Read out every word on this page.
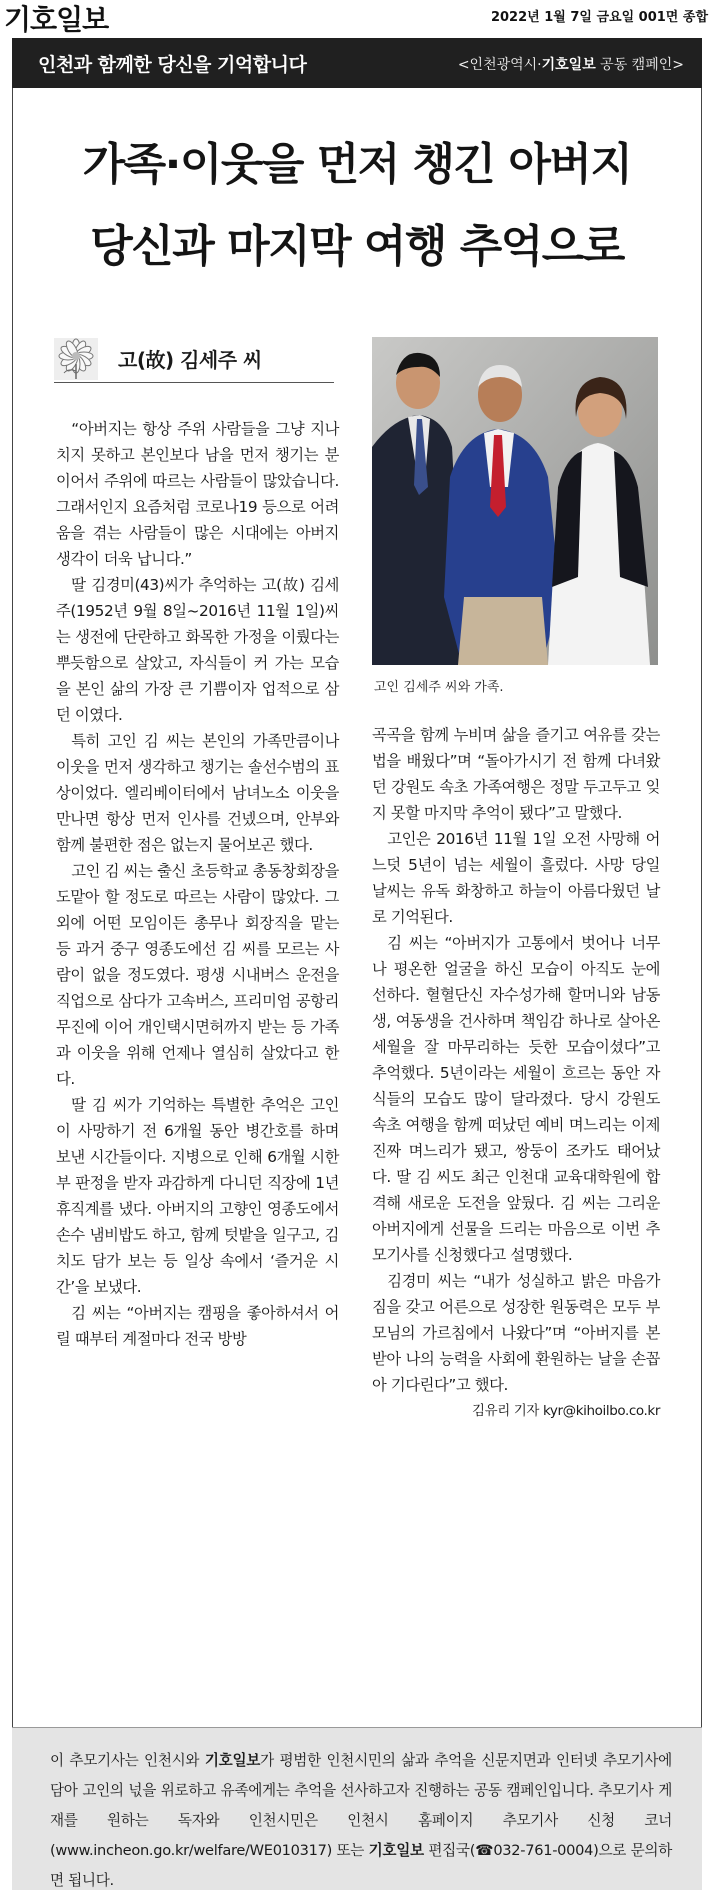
기호일보	2022년 1월 7일 금요일 001면 종합
인천과 함께한 당신을 기억합니다	<인천광역시·기호일보 공동 캠페인>
가족·이웃을 먼저 챙긴 아버지
당신과 마지막 여행 추억으로
고(故) 김세주 씨
고인 김세주 씨와 가족.

“아버지는 항상 주위 사람들을 그냥 지나치지 못하고 본인보다 남을 먼저 챙기는 분이어서 주위에 따르는 사람들이 많았습니다. 그래서인지 요즘처럼 코로나19 등으로 어려움을 겪는 사람들이 많은 시대에는 아버지 생각이 더욱 납니다.”

딸 김경미(43)씨가 추억하는 고(故) 김세주(1952년 9월 8일~2016년 11월 1일)씨는 생전에 단란하고 화목한 가정을 이뤘다는 뿌듯함으로 살았고, 자식들이 커 가는 모습을 본인 삶의 가장 큰 기쁨이자 업적으로 삼던 이였다.

특히 고인 김 씨는 본인의 가족만큼이나 이웃을 먼저 생각하고 챙기는 솔선수범의 표상이었다. 엘리베이터에서 남녀노소 이웃을 만나면 항상 먼저 인사를 건넸으며, 안부와 함께 불편한 점은 없는지 물어보곤 했다.

고인 김 씨는 출신 초등학교 총동창회장을 도맡아 할 정도로 따르는 사람이 많았다. 그 외에 어떤 모임이든 총무나 회장직을 맡는 등 과거 중구 영종도에선 김 씨를 모르는 사람이 없을 정도였다. 평생 시내버스 운전을 직업으로 삼다가 고속버스, 프리미엄 공항리무진에 이어 개인택시면허까지 받는 등 가족과 이웃을 위해 언제나 열심히 살았다고 한다.

딸 김 씨가 기억하는 특별한 추억은 고인이 사망하기 전 6개월 동안 병간호를 하며 보낸 시간들이다. 지병으로 인해 6개월 시한부 판정을 받자 과감하게 다니던 직장에 1년 휴직계를 냈다. 아버지의 고향인 영종도에서 손수 냄비밥도 하고, 함께 텃밭을 일구고, 김치도 담가 보는 등 일상 속에서 ‘즐거운 시간’을 보냈다.

김 씨는 “아버지는 캠핑을 좋아하셔서 어릴 때부터 계절마다 전국 방방

곡곡을 함께 누비며 삶을 즐기고 여유를 갖는 법을 배웠다”며 “돌아가시기 전 함께 다녀왔던 강원도 속초 가족여행은 정말 두고두고 잊지 못할 마지막 추억이 됐다”고 말했다.

고인은 2016년 11월 1일 오전 사망해 어느덧 5년이 넘는 세월이 흘렀다. 사망 당일 날씨는 유독 화창하고 하늘이 아름다웠던 날로 기억된다.

김 씨는 “아버지가 고통에서 벗어나 너무나 평온한 얼굴을 하신 모습이 아직도 눈에 선하다. 혈혈단신 자수성가해 할머니와 남동생, 여동생을 건사하며 책임감 하나로 살아온 세월을 잘 마무리하는 듯한 모습이셨다”고 추억했다. 5년이라는 세월이 흐르는 동안 자식들의 모습도 많이 달라졌다. 당시 강원도 속초 여행을 함께 떠났던 예비 며느리는 이제 진짜 며느리가 됐고, 쌍둥이 조카도 태어났다. 딸 김 씨도 최근 인천대 교육대학원에 합격해 새로운 도전을 앞뒀다. 김 씨는 그리운 아버지에게 선물을 드리는 마음으로 이번 추모기사를 신청했다고 설명했다.

김경미 씨는 “내가 성실하고 밝은 마음가짐을 갖고 어른으로 성장한 원동력은 모두 부모님의 가르침에서 나왔다”며 “아버지를 본받아 나의 능력을 사회에 환원하는 날을 손꼽아 기다린다”고 했다.

김유리 기자 kyr@kihoilbo.co.kr

이 추모기사는 인천시와 기호일보가 평범한 인천시민의 삶과 추억을 신문지면과 인터넷 추모기사에 담아 고인의 넋을 위로하고 유족에게는 추억을 선사하고자 진행하는 공동 캠페인입니다. 추모기사 게재를 원하는 독자와 인천시민은 인천시 홈페이지 추모기사 신청 코너(www.incheon.go.kr/welfare/WE010317) 또는 기호일보 편집국(☎032-761-0004)으로 문의하면 됩니다.
